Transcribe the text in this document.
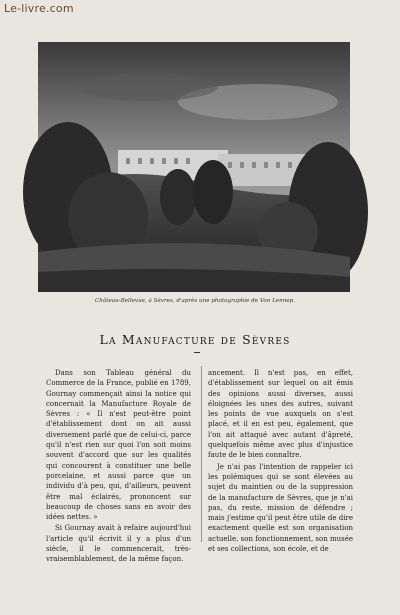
Le-livre.com
Château-Bellevue, à Sèvres, d'après une photographie de Von Lennep.
La Manufacture de Sèvres

Dans son Tableau général du Commerce de la France, publié en 1789, Gournay commençait ainsi la notice qui concernait la Manufacture Royale de Sèvres : « Il n'est peut-être point d'établissement dont on ait aussi diversement parlé que de celui-ci, parce qu'il n'est rien sur quoi l'on soit moins souvent d'accord que sur les qualités qui concourent à constituer une belle porcelaine, et aussi parce que un individu d'à peu, qui, d'ailleurs, peuvent être mal éclairés, prononcent sur beaucoup de choses sans en avoir des idées nettes. »

Si Gournay avait à refaire aujourd'hui l'article qu'il écrivit il y a plus d'un siècle, il le commencerait, très-vraisemblablement, de la même façon.

ancement. Il n'est pas, en effet, d'établissement sur lequel on ait émis des opinions aussi diverses, aussi éloignées les unes des autres, suivant les points de vue auxquels on s'est placé, et il en est peu, également, que l'on ait attaqué avec autant d'âpreté, quelquefois même avec plus d'injustice faute de le bien connaître.

Je n'ai pas l'intention de rappeler ici les polémiques qui se sont élevées au sujet du maintien ou de la suppression de la manufacture de Sèvres, que je n'ai pas, du reste, mission de défendre ; mais j'estime qu'il peut être utile de dire exactement quelle est son organisation actuelle, son fonctionnement, son musée et ses collections, son école, et de
